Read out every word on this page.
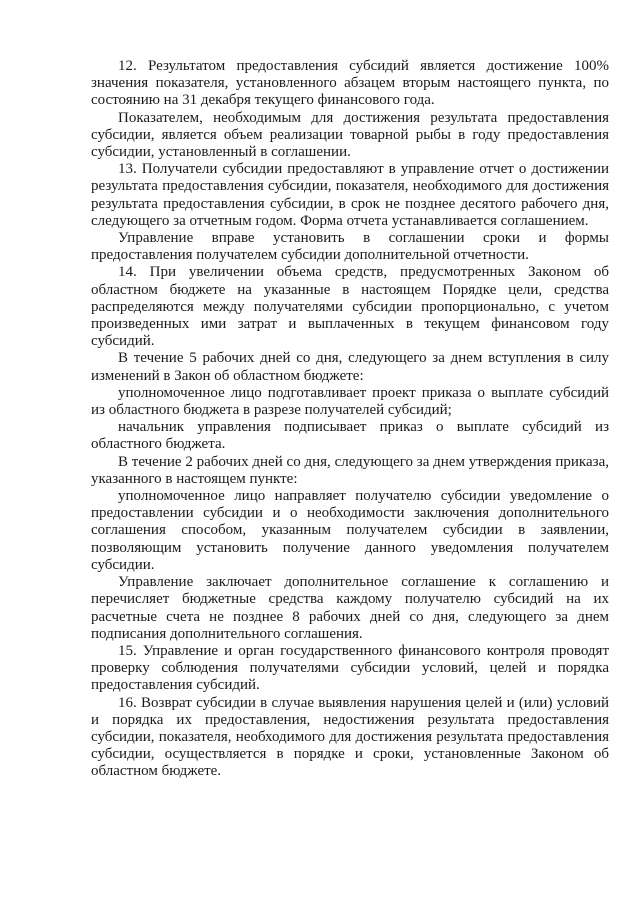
12. Результатом предоставления субсидий является достижение 100% значения показателя, установленного абзацем вторым настоящего пункта, по состоянию на 31 декабря текущего финансового года.

Показателем, необходимым для достижения результата предоставления субсидии, является объем реализации товарной рыбы в году предоставления субсидии, установленный в соглашении.

13. Получатели субсидии предоставляют в управление отчет о достижении результата предоставления субсидии, показателя, необходимого для достижения результата предоставления субсидии, в срок не позднее десятого рабочего дня, следующего за отчетным годом. Форма отчета устанавливается соглашением.

Управление вправе установить в соглашении сроки и формы предоставления получателем субсидии дополнительной отчетности.

14. При увеличении объема средств, предусмотренных Законом об областном бюджете на указанные в настоящем Порядке цели, средства распределяются между получателями субсидии пропорционально, с учетом произведенных ими затрат и выплаченных в текущем финансовом году субсидий.

В течение 5 рабочих дней со дня, следующего за днем вступления в силу изменений в Закон об областном бюджете:

уполномоченное лицо подготавливает проект приказа о выплате субсидий из областного бюджета в разрезе получателей субсидий;

начальник управления подписывает приказ о выплате субсидий из областного бюджета.

В течение 2 рабочих дней со дня, следующего за днем утверждения приказа, указанного в настоящем пункте:

уполномоченное лицо направляет получателю субсидии уведомление о предоставлении субсидии и о необходимости заключения дополнительного соглашения способом, указанным получателем субсидии в заявлении, позволяющим установить получение данного уведомления получателем субсидии.

Управление заключает дополнительное соглашение к соглашению и перечисляет бюджетные средства каждому получателю субсидий на их расчетные счета не позднее 8 рабочих дней со дня, следующего за днем подписания дополнительного соглашения.

15. Управление и орган государственного финансового контроля проводят проверку соблюдения получателями субсидии условий, целей и порядка предоставления субсидий.

16. Возврат субсидии в случае выявления нарушения целей и (или) условий и порядка их предоставления, недостижения результата предоставления субсидии, показателя, необходимого для достижения результата предоставления субсидии, осуществляется в порядке и сроки, установленные Законом об областном бюджете.
